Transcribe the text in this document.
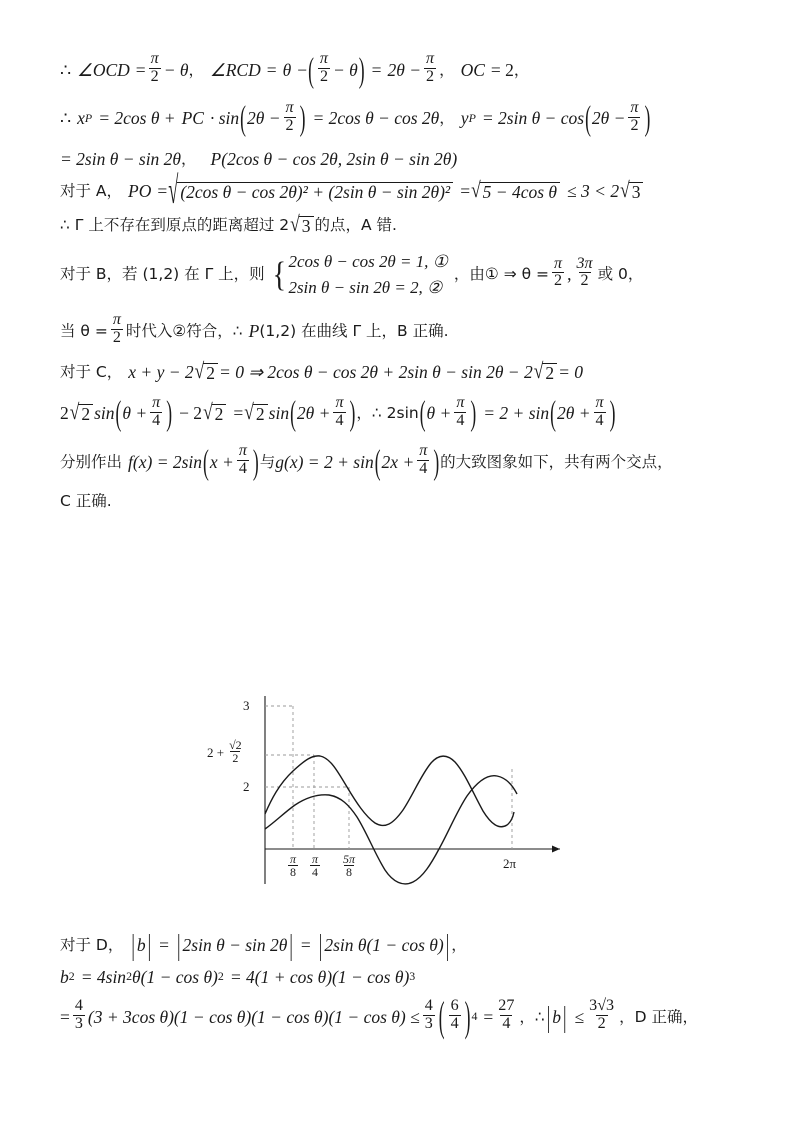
∴ ∠OCD = $\frac{\pi}{2} - \theta$ ， ∠RCD = θ − ( $\frac{\pi}{2} - \theta$ ) = $2\theta - \frac{\pi}{2}$ ， OC = 2 ，
∴ x P = 2cos θ + PC · sin ( $2\theta - \frac{\pi}{2}$ ) = 2cos θ − cos 2θ ， y P = 2sin θ − cos ( $2\theta - \frac{\pi}{2}$ )
= 2sin θ − sin 2θ ， P (2cos θ − cos 2θ, 2sin θ − sin 2θ)
对于 A， PO = √ (2cos θ − cos 2θ)² + (2sin θ − sin 2θ)² = √ 5 − 4cos θ ≤ 3 < 2 √ 3
∴ Γ 上不存在到原点的距离超过 2 √ 3 的点，A 错.
对于 B，若 (1,2) 在 Γ 上，则 { 2cos θ − cos 2θ = 1, ①
2sin θ − sin 2θ = 2, ②
，由① ⇒ $\theta = \frac{\pi}{2}$ , $\frac{3\pi}{2}$ 或 0，
当 $\theta = \frac{\pi}{2}$ 时代入②符合，∴ P (1,2) 在曲线 Γ 上，B 正确.
对于 C， x + y − 2 √ 2 = 0 ⇒ 2cos θ − cos 2θ + 2sin θ − sin 2θ − 2 √ 2 = 0
2 √ 2 sin ( $\theta + \frac{\pi}{4}$ ) − 2 √ 2 = √ 2 sin ( $2\theta + \frac{\pi}{4}$ ) ，∴ 2sin ( $\theta + \frac{\pi}{4}$ ) = 2 + sin ( $2\theta + \frac{\pi}{4}$ )
分别作出 f (x) = 2sin ( $x + \frac{\pi}{4}$ ) 与 g (x) = 2 + sin ( $2x + \frac{\pi}{4}$ ) 的大致图象如下，共有两个交点，
C 正确.
3
$2 + \frac{√2}{2}$
2
$\frac{\pi}{8} \frac{\pi}{4} \frac{5\pi}{8}$	2π
对于 D， | b | = | 2sin θ − sin 2θ | = | 2sin θ(1 − cos θ) | ，
b 2 = 4sin 2 θ(1 − cos θ) 2 = 4(1 + cos θ)(1 − cos θ) 3
= $\frac{4}{3} (3 + 3\cos$ $\theta)(1 - \cos \theta)(1 - \cos \theta)(1 - \cos \theta) \le \frac{4}{3}$ ( $\frac{6}{4}$ ) $4 = \frac{27}{4}$ ，∴ | b | ≤ $\frac{3√3}{2}$ ，D 正确，
